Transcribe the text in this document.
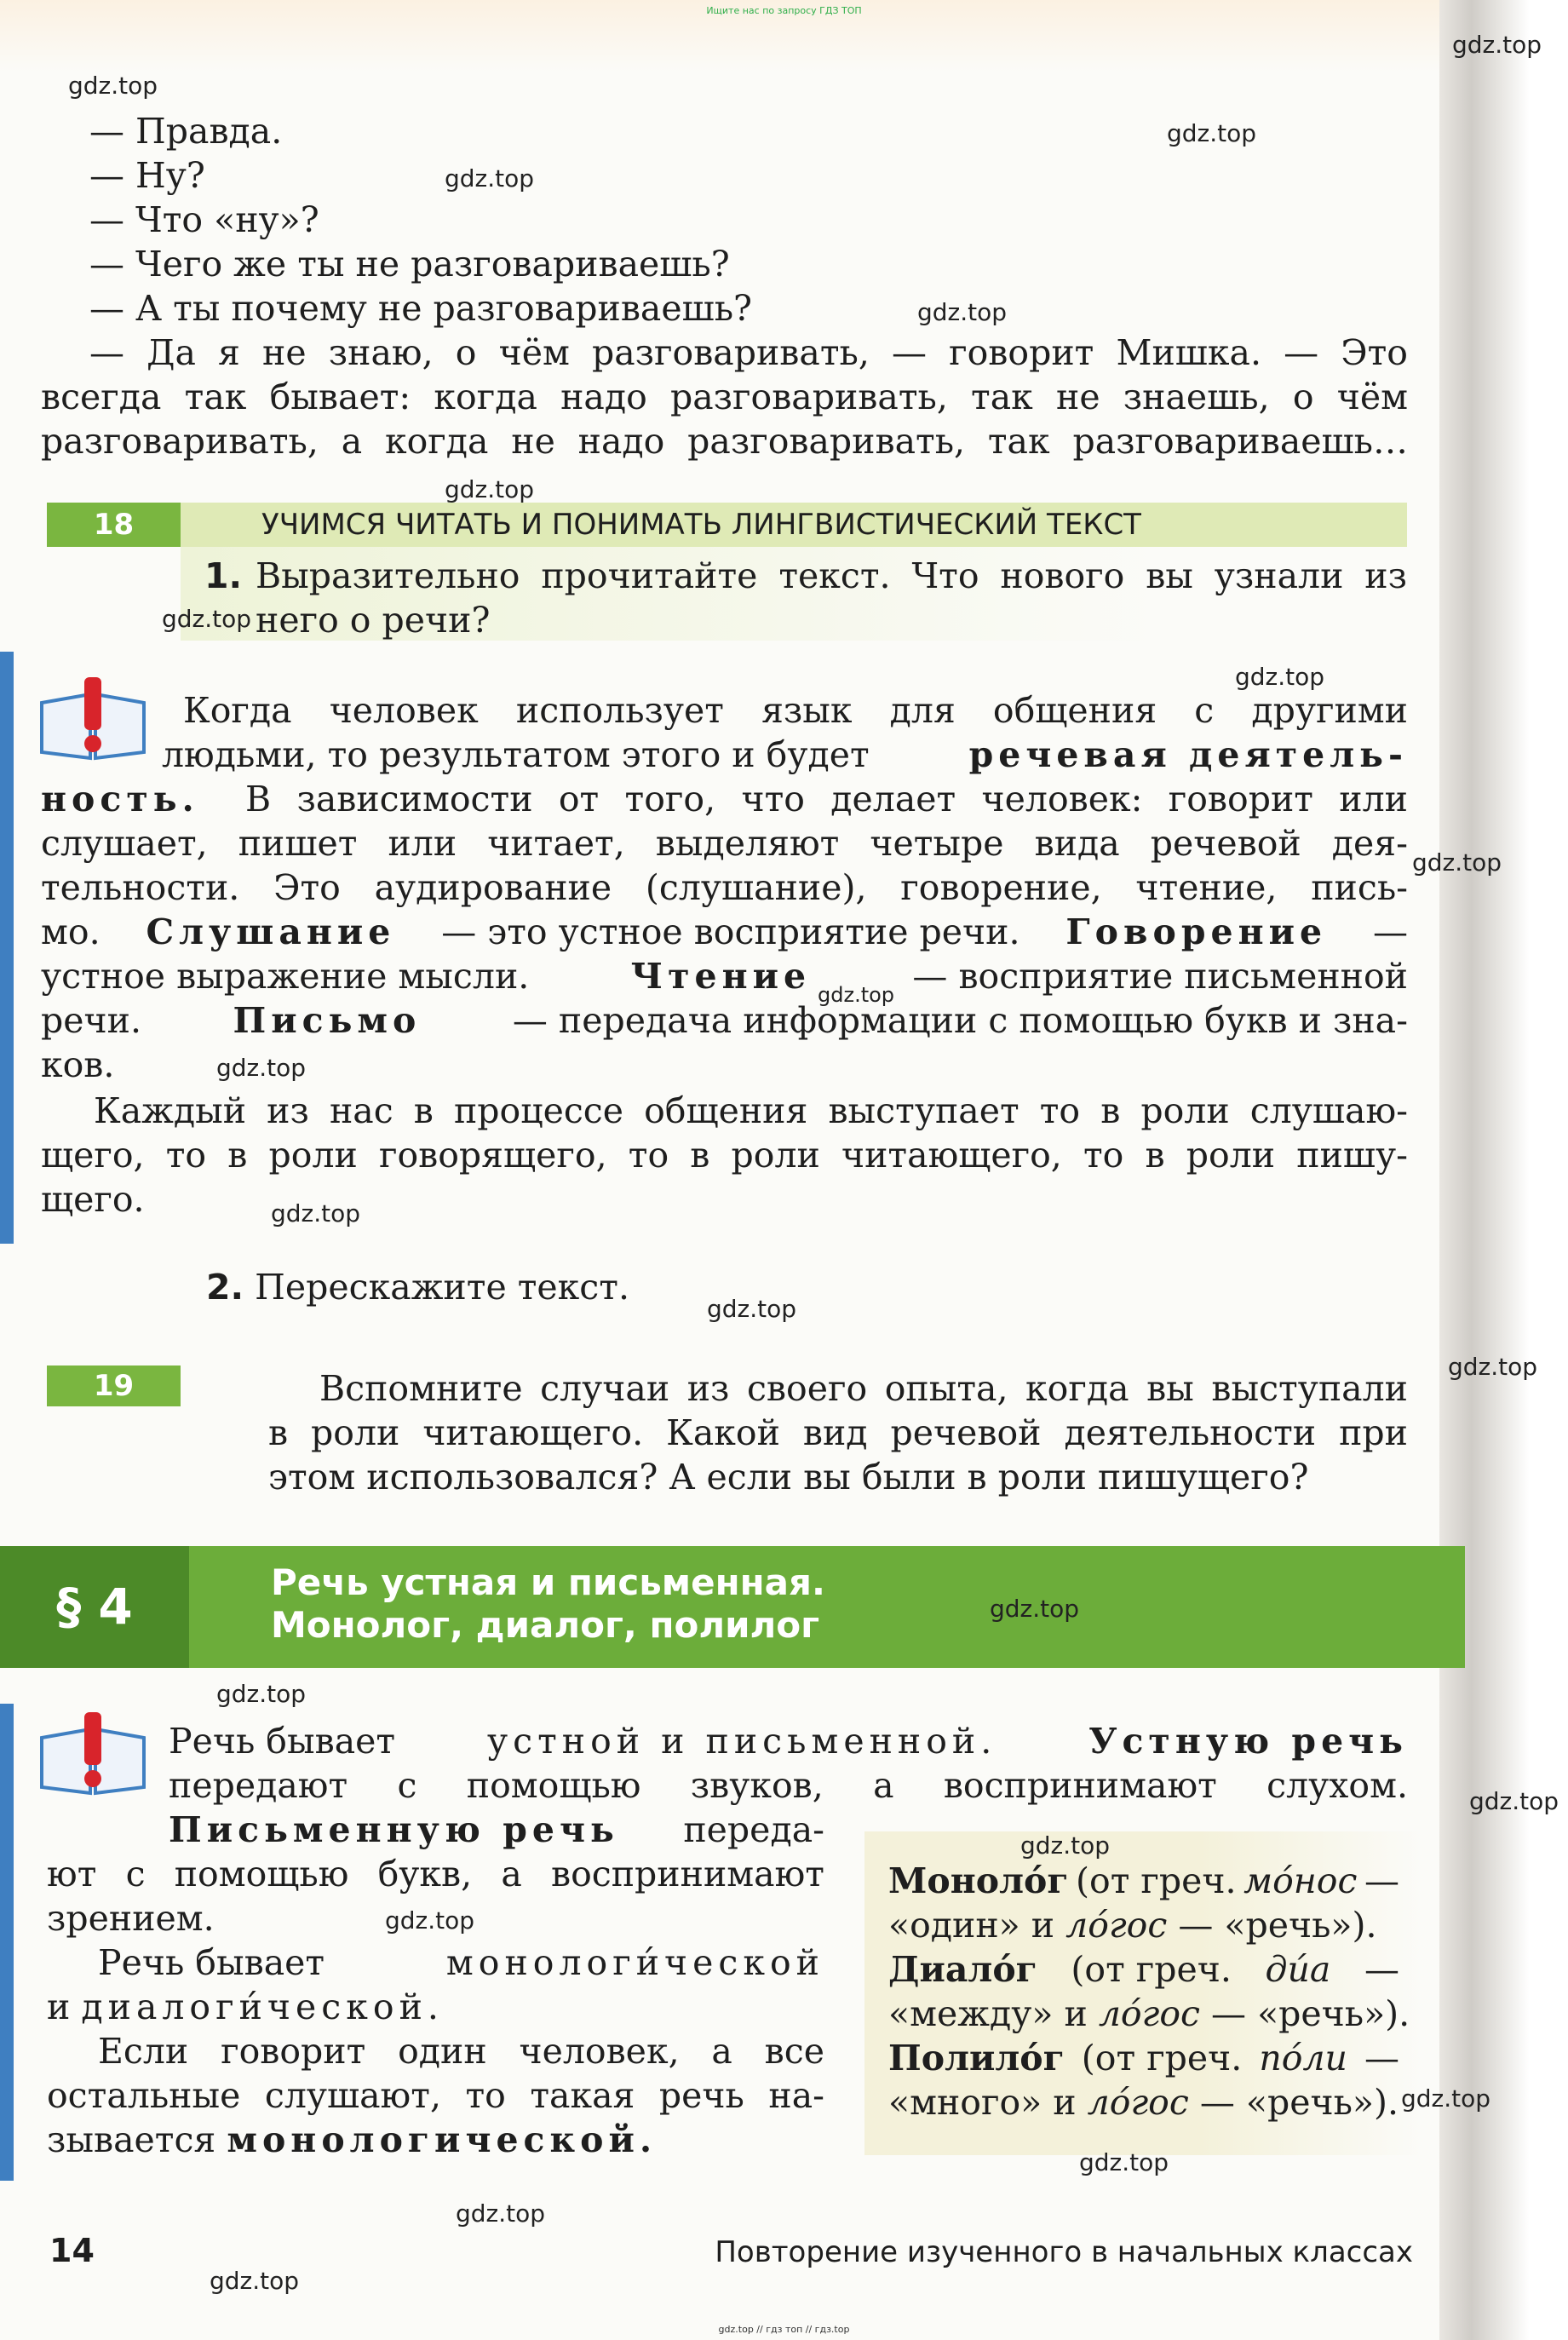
Ищите нас по запросу ГДЗ ТОП
— Правда.
— Ну?
— Что «ну»?
— Чего же ты не разговариваешь?
— А ты почему не разговариваешь?
— Да я не знаю, о чём разговаривать, — говорит Мишка. — Это
всегда так бывает: когда надо разговаривать, так не знаешь, о чём
разговаривать, а когда не надо разговаривать, так разговариваешь…
18	УЧИМСЯ ЧИТАТЬ И ПОНИМАТЬ ЛИНГВИСТИЧЕСКИЙ ТЕКСТ
1. Выразительно прочитайте текст. Что нового вы узнали из
него о речи?
Когда человек использует язык для общения с другими
людьми, то результатом этого и будет	речевая деятель-
ность. В зависимости от того, что делает человек: говорит или
слушает, пишет или читает, выделяют четыре вида речевой дея-
тельности. Это аудирование (слушание), говорение, чтение, пись-
мо. Слушание — это устное восприятие речи. Говорение —
устное выражение мысли.	Чтение	— восприятие письменной
речи.	Письмо	— передача информации с помощью букв и зна-
ков.
Каждый из нас в процессе общения выступает то в роли слушаю-
щего, то в роли говорящего, то в роли читающего, то в роли пишу-
щего.
2. Перескажите текст.
19	Вспомните случаи из своего опыта, когда вы выступали
в роли читающего. Какой вид речевой деятельности при
этом использовался? А если вы были в роли пишущего?
§ 4	Речь устная и письменная.
Монолог, диалог, полилог
Речь бывает	устной и письменной.	Устную речь
передают с помощью звуков, а воспринимают слухом.
Письменную речь переда-
ют с помощью букв, а воспринимают
зрением.
Речь бывает	монологи́ческой
и диалоги́ческой.
Если говорит один человек, а все
остальные слушают, то такая речь на-
зывается монологической.
Моноло́г (от греч. мо́нос —
«один» и ло́гос — «речь»).
Диало́г (от греч. ди́а —
«между» и ло́гос — «речь»).
Полило́г (от греч. по́ли —
«много» и ло́гос — «речь»).
14	Повторение изученного в начальных классах
gdz.top // гдз топ // гдз.top
gdz.top
gdz.top
gdz.top
gdz.top
gdz.top
gdz.top
gdz.top
gdz.top
gdz.top
gdz.top
gdz.top
gdz.top
gdz.top
gdz.top
gdz.top
gdz.top
gdz.top
gdz.top
gdz.top
gdz.top
gdz.top
gdz.top
gdz.top
